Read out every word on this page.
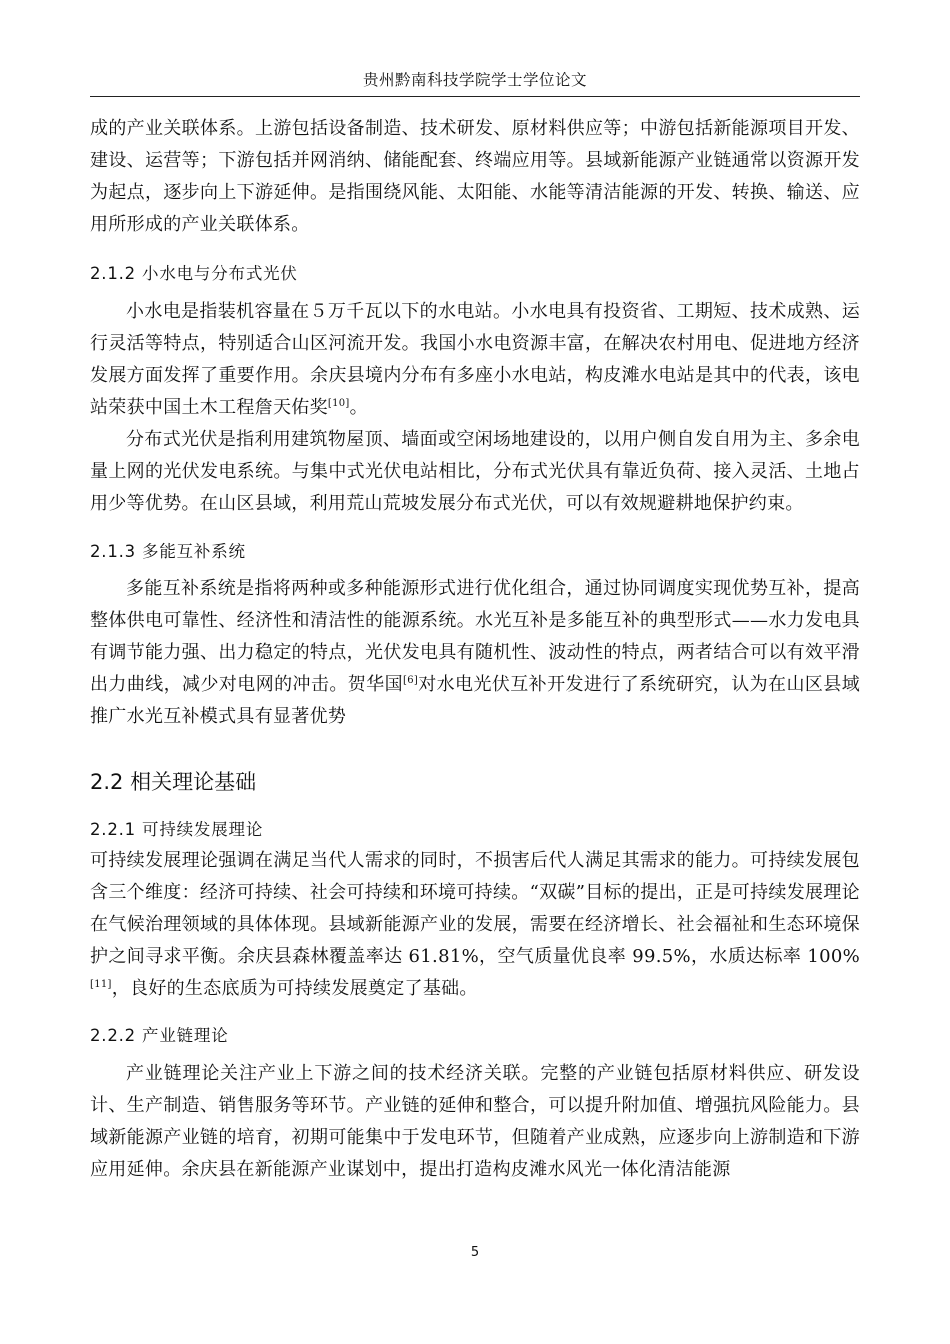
贵州黔南科技学院学士学位论文

成的产业关联体系。上游包括设备制造、技术研发、原材料供应等；中游包括新能源项目开发、建设、运营等；下游包括并网消纳、储能配套、终端应用等。县域新能源产业链通常以资源开发为起点，逐步向上下游延伸。是指围绕风能、太阳能、水能等清洁能源的开发、转换、输送、应用所形成的产业关联体系。

2.1.2 小水电与分布式光伏

小水电是指装机容量在５万千瓦以下的水电站。小水电具有投资省、工期短、技术成熟、运行灵活等特点，特别适合山区河流开发。我国小水电资源丰富，在解决农村用电、促进地方经济发展方面发挥了重要作用。余庆县境内分布有多座小水电站，构皮滩水电站是其中的代表，该电站荣获中国土木工程詹天佑奖[10]。

分布式光伏是指利用建筑物屋顶、墙面或空闲场地建设的，以用户侧自发自用为主、多余电量上网的光伏发电系统。与集中式光伏电站相比，分布式光伏具有靠近负荷、接入灵活、土地占用少等优势。在山区县域，利用荒山荒坡发展分布式光伏，可以有效规避耕地保护约束。

2.1.3 多能互补系统

多能互补系统是指将两种或多种能源形式进行优化组合，通过协同调度实现优势互补，提高整体供电可靠性、经济性和清洁性的能源系统。水光互补是多能互补的典型形式——水力发电具有调节能力强、出力稳定的特点，光伏发电具有随机性、波动性的特点，两者结合可以有效平滑出力曲线，减少对电网的冲击。贺华国[6]对水电光伏互补开发进行了系统研究，认为在山区县域推广水光互补模式具有显著优势

2.2 相关理论基础
2.2.1 可持续发展理论

可持续发展理论强调在满足当代人需求的同时，不损害后代人满足其需求的能力。可持续发展包含三个维度：经济可持续、社会可持续和环境可持续。“双碳”目标的提出，正是可持续发展理论在气候治理领域的具体体现。县域新能源产业的发展，需要在经济增长、社会福祉和生态环境保护之间寻求平衡。余庆县森林覆盖率达 61.81%，空气质量优良率 99.5%，水质达标率 100%[11]，良好的生态底质为可持续发展奠定了基础。

2.2.2 产业链理论

产业链理论关注产业上下游之间的技术经济关联。完整的产业链包括原材料供应、研发设计、生产制造、销售服务等环节。产业链的延伸和整合，可以提升附加值、增强抗风险能力。县域新能源产业链的培育，初期可能集中于发电环节，但随着产业成熟，应逐步向上游制造和下游应用延伸。余庆县在新能源产业谋划中，提出打造构皮滩水风光一体化清洁能源

5
